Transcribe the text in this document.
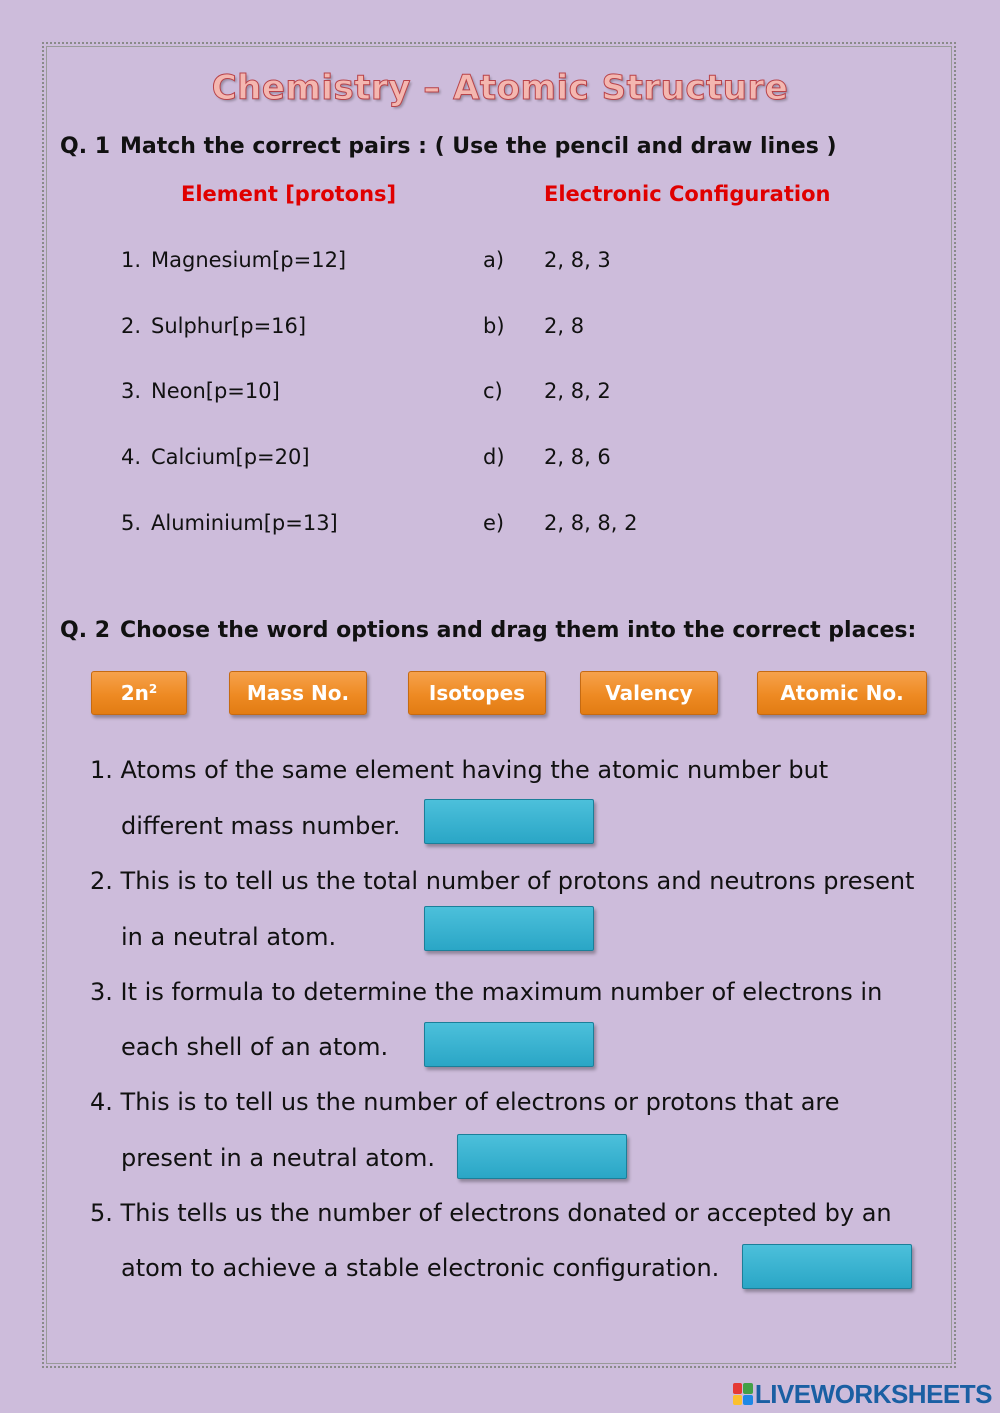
Chemistry – Atomic Structure
Q. 1 Match the correct pairs : ( Use the pencil and draw lines )
Element [protons]	Electronic Configuration
1. Magnesium[p=12]	a) 2, 8, 3
2. Sulphur[p=16]	b) 2, 8
3. Neon[p=10]	c) 2, 8, 2
4. Calcium[p=20]	d) 2, 8, 6
5. Aluminium[p=13]	e) 2, 8, 8, 2
Q. 2 Choose the word options and drag them into the correct places:
2n 2	Mass No.	Isotopes	Valency	Atomic No.
1. Atoms of the same element having the atomic number but
different mass number.
2. This is to tell us the total number of protons and neutrons present
in a neutral atom.
3. It is formula to determine the maximum number of electrons in
each shell of an atom.
4. This is to tell us the number of electrons or protons that are
present in a neutral atom.
5. This tells us the number of electrons donated or accepted by an
atom to achieve a stable electronic configuration.
LIVEWORKSHEETS
